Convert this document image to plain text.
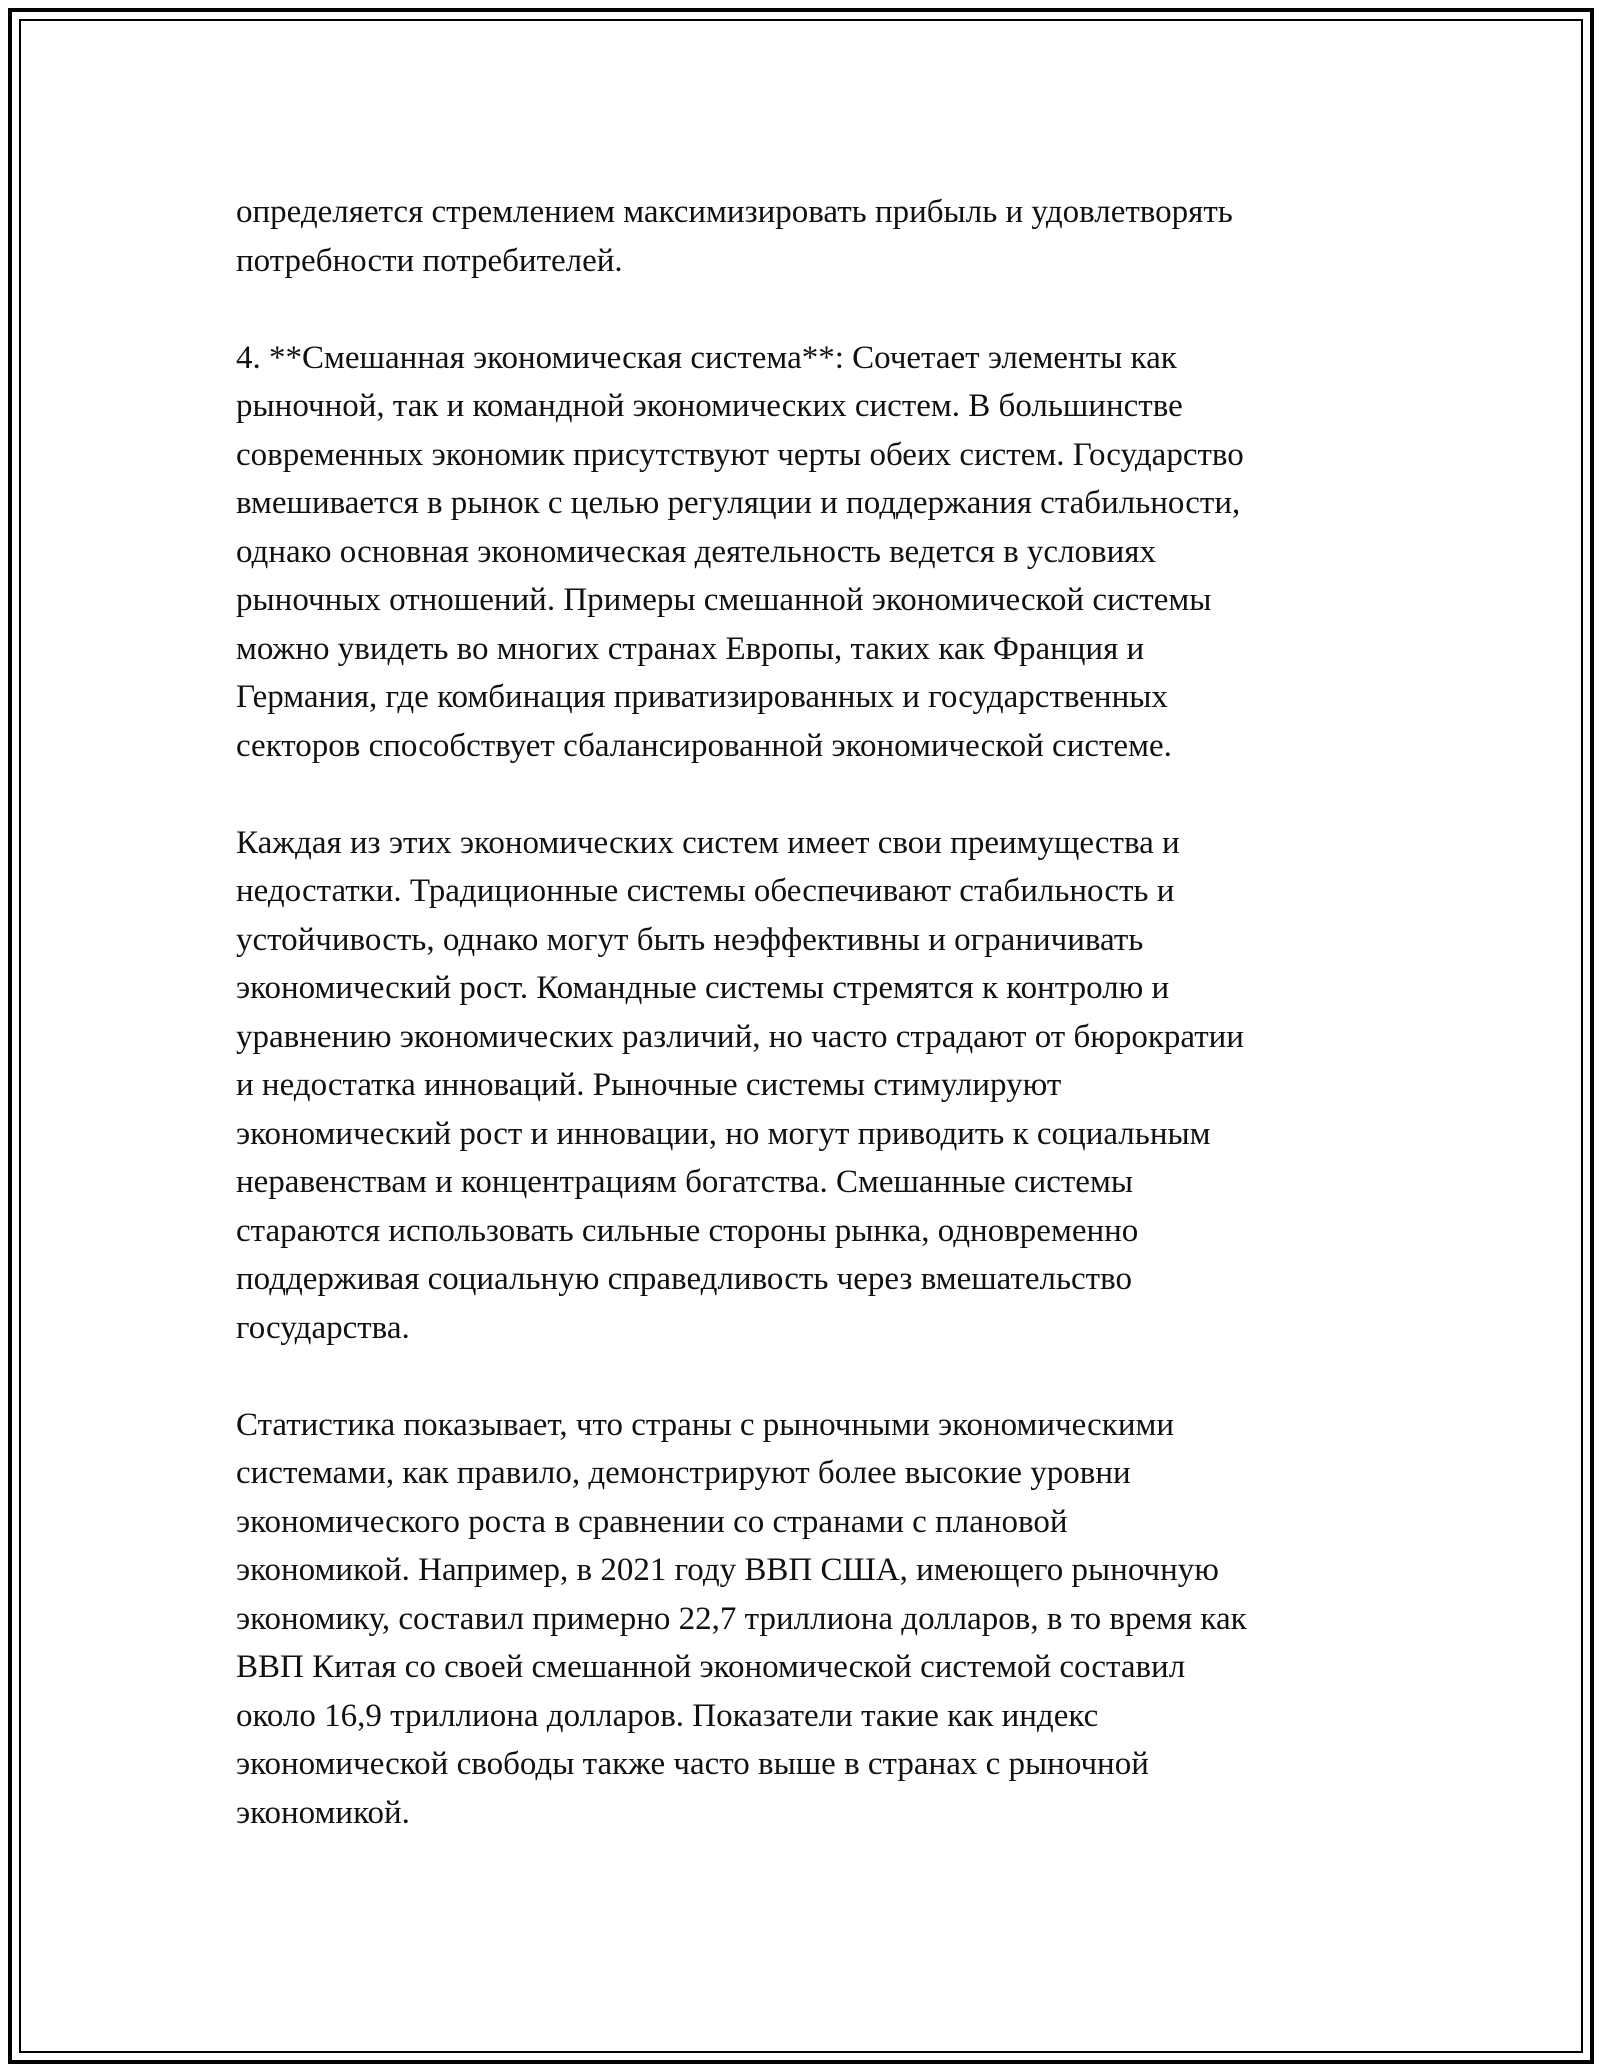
определяется стремлением максимизировать прибыль и удовлетворять
потребности потребителей.
4. **Смешанная экономическая система**: Сочетает элементы как
рыночной, так и командной экономических систем. В большинстве
современных экономик присутствуют черты обеих систем. Государство
вмешивается в рынок с целью регуляции и поддержания стабильности,
однако основная экономическая деятельность ведется в условиях
рыночных отношений. Примеры смешанной экономической системы
можно увидеть во многих странах Европы, таких как Франция и
Германия, где комбинация приватизированных и государственных
секторов способствует сбалансированной экономической системе.
Каждая из этих экономических систем имеет свои преимущества и
недостатки. Традиционные системы обеспечивают стабильность и
устойчивость, однако могут быть неэффективны и ограничивать
экономический рост. Командные системы стремятся к контролю и
уравнению экономических различий, но часто страдают от бюрократии
и недостатка инноваций. Рыночные системы стимулируют
экономический рост и инновации, но могут приводить к социальным
неравенствам и концентрациям богатства. Смешанные системы
стараются использовать сильные стороны рынка, одновременно
поддерживая социальную справедливость через вмешательство
государства.
Статистика показывает, что страны с рыночными экономическими
системами, как правило, демонстрируют более высокие уровни
экономического роста в сравнении со странами с плановой
экономикой. Например, в 2021 году ВВП США, имеющего рыночную
экономику, составил примерно 22,7 триллиона долларов, в то время как
ВВП Китая со своей смешанной экономической системой составил
около 16,9 триллиона долларов. Показатели такие как индекс
экономической свободы также часто выше в странах с рыночной
экономикой.
